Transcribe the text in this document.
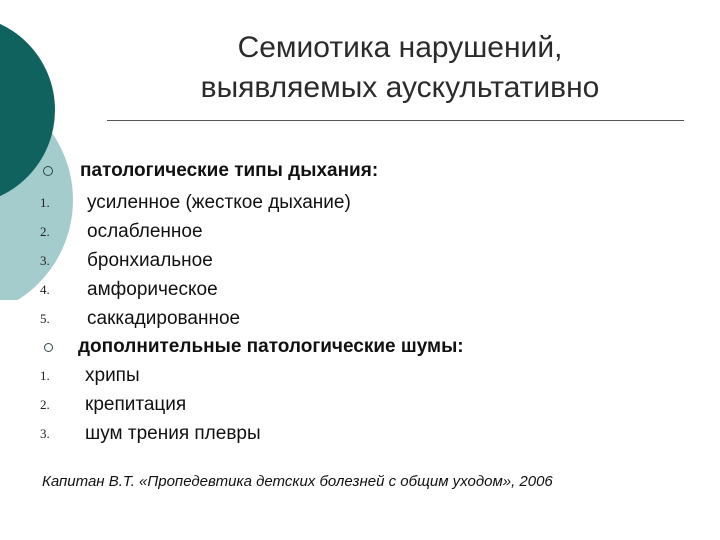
Семиотика нарушений,
выявляемых аускультативно
патологические типы дыхания:
1.	усиленное (жесткое дыхание)
2.	ослабленное
3.	бронхиальное
4.	амфорическое
5.	саккадированное
дополнительные патологические шумы:
1.	хрипы
2.	крепитация
3.	шум трения плевры
Капитан В.Т. «Пропедевтика детских болезней с общим уходом», 2006
